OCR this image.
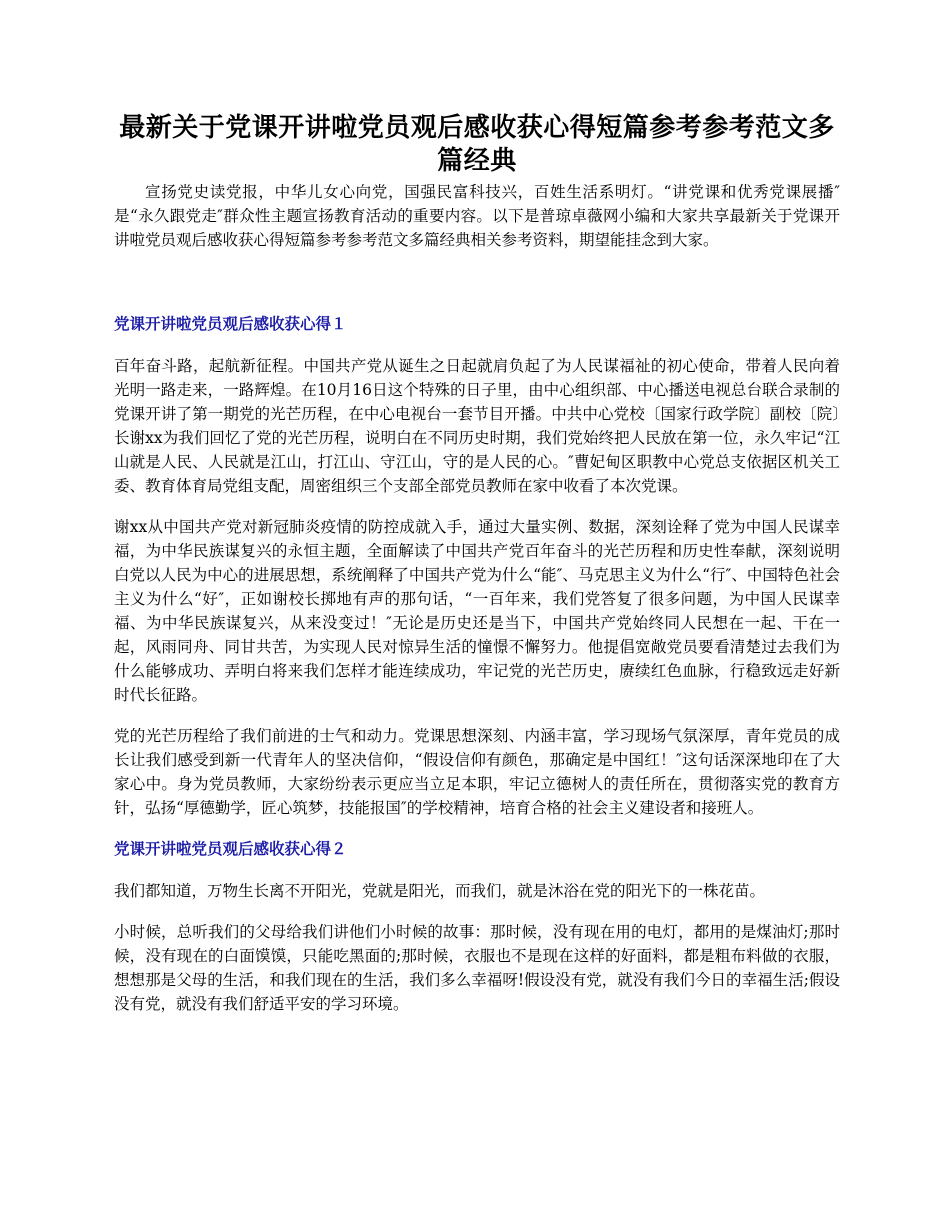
最新关于党课开讲啦党员观后感收获心得短篇参考参考范文多篇经典

宣扬党史读党报，中华儿女心向党，国强民富科技兴，百姓生活系明灯。“讲党课和优秀党课展播″　是“永久跟党走″群众性主题宣扬教育活动的重要内容。以下是普琼卓薇网小编和大家共享最新关于党课开讲啦党员观后感收获心得短篇参考参考范文多篇经典相关参考资料，期望能挂念到大家。

党课开讲啦党员观后感收获心得１

百年奋斗路，起航新征程。中国共产党从诞生之日起就肩负起了为人民谋福祉的初心使命，带着人民向着光明一路走来，一路辉煌。在10月16日这个特殊的日子里，由中心组织部、中心播送电视总台联合录制的党课开讲了第一期党的光芒历程，在中心电视台一套节目开播。中共中心党校〔国家行政学院〕副校〔院〕长谢xx为我们回忆了党的光芒历程，说明白在不同历史时期，我们党始终把人民放在第一位，永久牢记“江山就是人民、人民就是江山，打江山、守江山，守的是人民的心。″曹妃甸区职教中心党总支依据区机关工委、教育体育局党组支配，周密组织三个支部全部党员教师在家中收看了本次党课。

谢xx从中国共产党对新冠肺炎疫情的防控成就入手，通过大量实例、数据，深刻诠释了党为中国人民谋幸福，为中华民族谋复兴的永恒主题，全面解读了中国共产党百年奋斗的光芒历程和历史性奉献，深刻说明白党以人民为中心的进展思想，系统阐释了中国共产党为什么“能″、马克思主义为什么“行″、中国特色社会主义为什么“好″，正如谢校长掷地有声的那句话，“一百年来，我们党答复了很多问题，为中国人民谋幸福、为中华民族谋复兴，从来没变过！″无论是历史还是当下，中国共产党始终同人民想在一起、干在一起，风雨同舟、同甘共苦，为实现人民对惊异生活的憧憬不懈努力。他提倡宽敞党员要看清楚过去我们为什么能够成功、弄明白将来我们怎样才能连续成功，牢记党的光芒历史，赓续红色血脉，行稳致远走好新时代长征路。

党的光芒历程给了我们前进的士气和动力。党课思想深刻、内涵丰富，学习现场气氛深厚，青年党员的成长让我们感受到新一代青年人的坚决信仰，“假设信仰有颜色，那确定是中国红！″这句话深深地印在了大家心中。身为党员教师，大家纷纷表示更应当立足本职，牢记立德树人的责任所在，贯彻落实党的教育方针，弘扬“厚德勤学，匠心筑梦，技能报国″的学校精神，培育合格的社会主义建设者和接班人。

党课开讲啦党员观后感收获心得２

我们都知道，万物生长离不开阳光，党就是阳光，而我们，就是沐浴在党的阳光下的一株花苗。

小时候，总听我们的父母给我们讲他们小时候的故事：那时候，没有现在用的电灯，都用的是煤油灯;那时候，没有现在的白面馍馍，只能吃黑面的;那时候，衣服也不是现在这样的好面料，都是粗布料做的衣服，想想那是父母的生活，和我们现在的生活，我们多么幸福呀!假设没有党，就没有我们今日的幸福生活;假设没有党，就没有我们舒适平安的学习环境。
